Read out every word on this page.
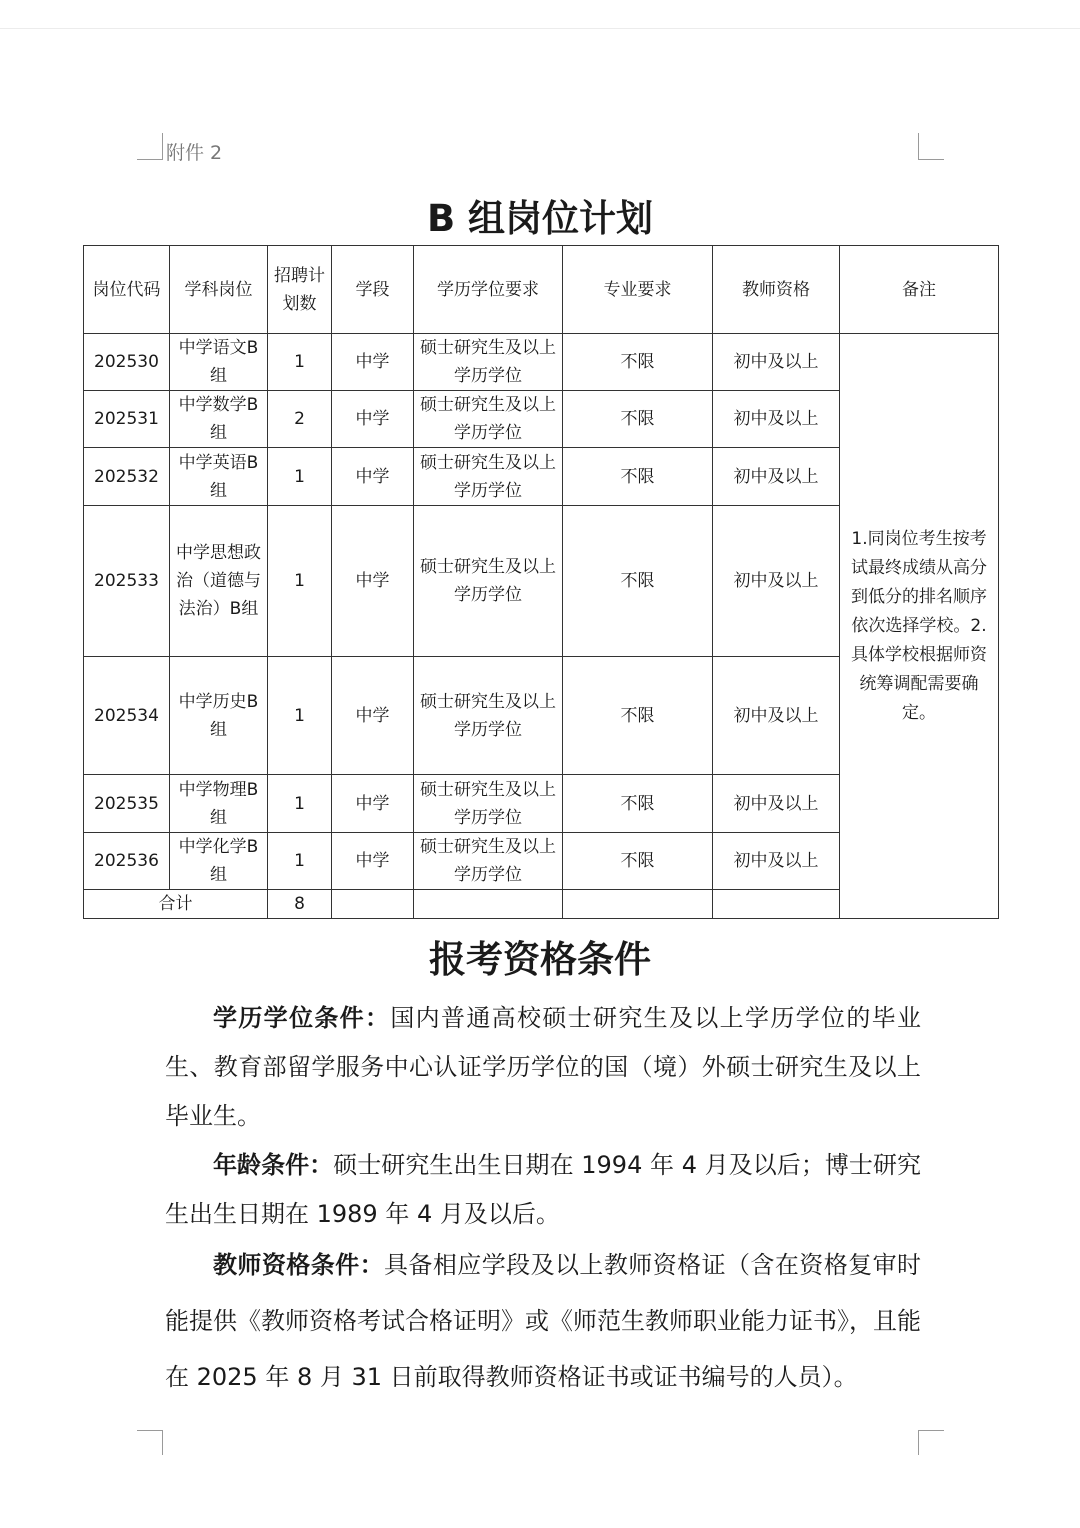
附件 2
B 组岗位计划
岗位代码	学科岗位	招聘计划数	学段	学历学位要求	专业要求	教师资格	备注
202530	中学语文B组	1	中学	硕士研究生及以上学历学位	不限	初中及以上	1.同岗位考生按考试最终成绩从高分到低分的排名顺序依次选择学校。2.具体学校根据师资统筹调配需要确定。
202531	中学数学B组	2	中学	硕士研究生及以上学历学位	不限	初中及以上	
202532	中学英语B组	1	中学	硕士研究生及以上学历学位	不限	初中及以上	
202533	中学思想政治（道德与法治）B组	1	中学	硕士研究生及以上学历学位	不限	初中及以上	
202534	中学历史B组	1	中学	硕士研究生及以上学历学位	不限	初中及以上	
202535	中学物理B组	1	中学	硕士研究生及以上学历学位	不限	初中及以上	
202536	中学化学B组	1	中学	硕士研究生及以上学历学位	不限	初中及以上	
合计		8					
报考资格条件
学历学位条件：国内普通高校硕士研究生及以上学历学位的毕业生、教育部留学服务中心认证学历学位的国（境）外硕士研究生及以上毕业生。
年龄条件：硕士研究生出生日期在 1994 年 4 月及以后；博士研究生出生日期在 1989 年 4 月及以后。
教师资格条件：具备相应学段及以上教师资格证（含在资格复审时能提供《教师资格考试合格证明》或《师范生教师职业能力证书》，且能在 2025 年 8 月 31 日前取得教师资格证书或证书编号的人员）。
